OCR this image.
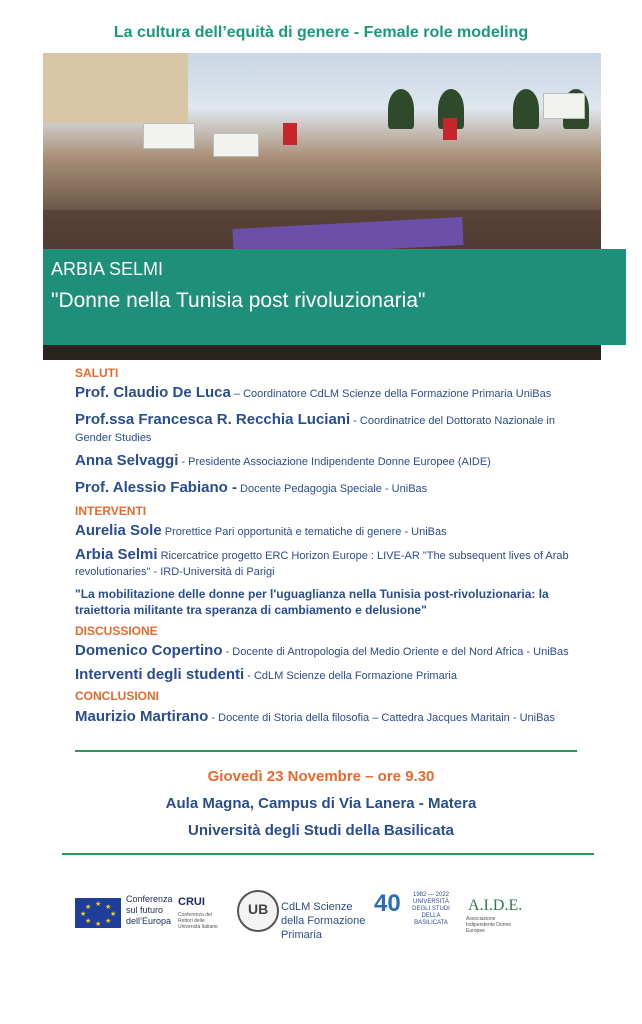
La cultura dell’equità di genere - Female role modeling
ARBIA SELMI
"Donne nella Tunisia post rivoluzionaria"
SALUTI
Prof. Claudio De Luca – Coordinatore CdLM Scienze della Formazione Primaria UniBas
Prof.ssa Francesca R. Recchia Luciani - Coordinatrice del Dottorato Nazionale in
Gender Studies
Anna Selvaggi - Presidente Associazione Indipendente Donne Europee (AIDE)
Prof. Alessio Fabiano - Docente Pedagogia Speciale - UniBas
INTERVENTI
Aurelia Sole Prorettice Pari opportunità e tematiche di genere - UniBas
Arbia Selmi Ricercatrice progetto ERC Horizon Europe : LIVE-AR "The subsequent lives of Arab
revolutionaries" - IRD-Università di Parigi
"La mobilitazione delle donne per l'uguaglianza nella Tunisia post-rivoluzionaria: la
traiettoria militante tra speranza di cambiamento e delusione"
DISCUSSIONE
Domenico Copertino - Docente di Antropologia del Medio Oriente e del Nord Africa - UniBas
Interventi degli studenti - CdLM Scienze della Formazione Primaria
CONCLUSIONI
Maurizio Martirano - Docente di Storia della filosofia – Cattedra Jacques Maritain - UniBas
Giovedì 23 Novembre – ore 9.30
Aula Magna, Campus di Via Lanera - Matera
Università degli Studi della Basilicata
★ ★
★
★
★
★
★
★
Conferenza
sul futuro
dell’Europa
CRUI
Conferenza dei Rettori delle Università Italiane
UB CdLM Scienze della Formazione Primaria
40	1982 — 2022
UNIVERSITÀ DEGLI STUDI DELLA BASILICATA
A.I.D.E.
Associazione Indipendente Donne Europee
